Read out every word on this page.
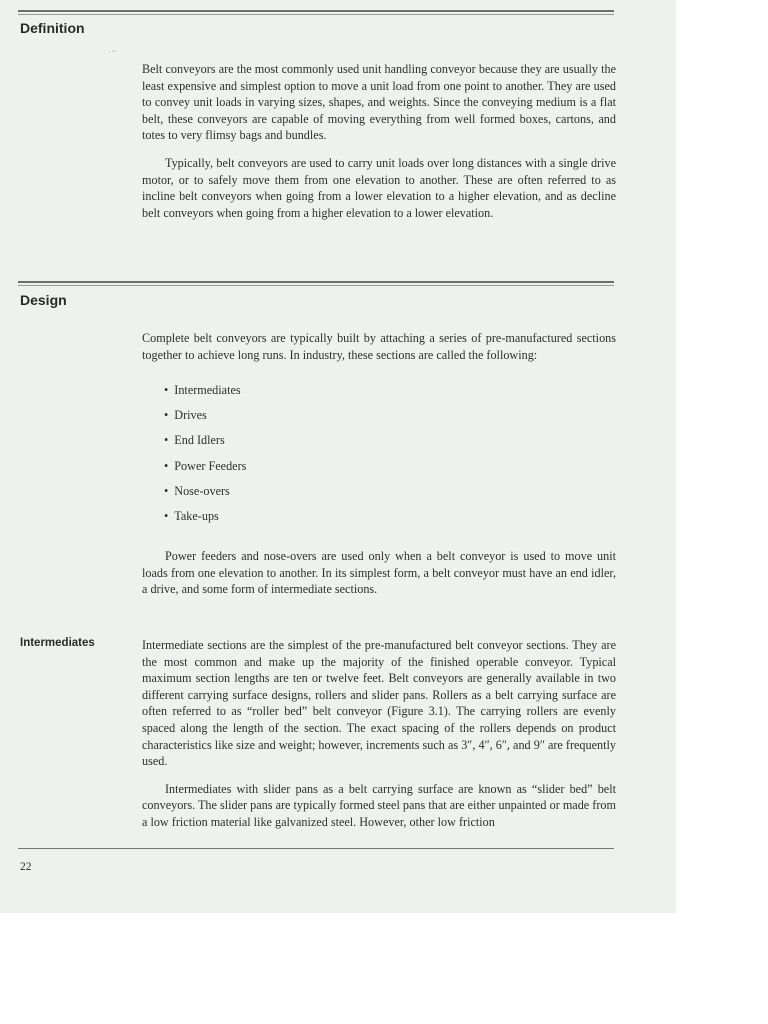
Definition
· ~

Belt conveyors are the most commonly used unit handling conveyor because they are usually the least expensive and simplest option to move a unit load from one point to another. They are used to convey unit loads in varying sizes, shapes, and weights. Since the conveying medium is a flat belt, these conveyors are capable of moving everything from well formed boxes, cartons, and totes to very flimsy bags and bundles.

Typically, belt conveyors are used to carry unit loads over long distances with a single drive motor, or to safely move them from one elevation to another. These are often referred to as incline belt conveyors when going from a lower elevation to a higher elevation, and as decline belt conveyors when going from a higher elevation to a lower elevation.

Design

Complete belt conveyors are typically built by attaching a series of pre-manufactured sections together to achieve long runs. In industry, these sections are called the following:

• Intermediates
• Drives
• End Idlers
• Power Feeders
• Nose-overs
• Take-ups

Power feeders and nose-overs are used only when a belt conveyor is used to move unit loads from one elevation to another. In its simplest form, a belt conveyor must have an end idler, a drive, and some form of intermediate sections.

Intermediates	Intermediate sections are the simplest of the pre-manufactured belt conveyor sections. They are the most common and make up the majority of the finished operable conveyor. Typical maximum section lengths are ten or twelve feet. Belt conveyors are generally available in two different carrying surface designs, rollers and slider pans. Rollers as a belt carrying surface are often referred to as “roller bed” belt conveyor (Figure 3.1). The carrying rollers are evenly spaced along the length of the section. The exact spacing of the rollers depends on product characteristics like size and weight; however, increments such as 3″, 4″, 6″, and 9″ are frequently used.

Intermediates with slider pans as a belt carrying surface are known as “slider bed” belt conveyors. The slider pans are typically formed steel pans that are either unpainted or made from a low friction material like galvanized steel. However, other low friction

22
